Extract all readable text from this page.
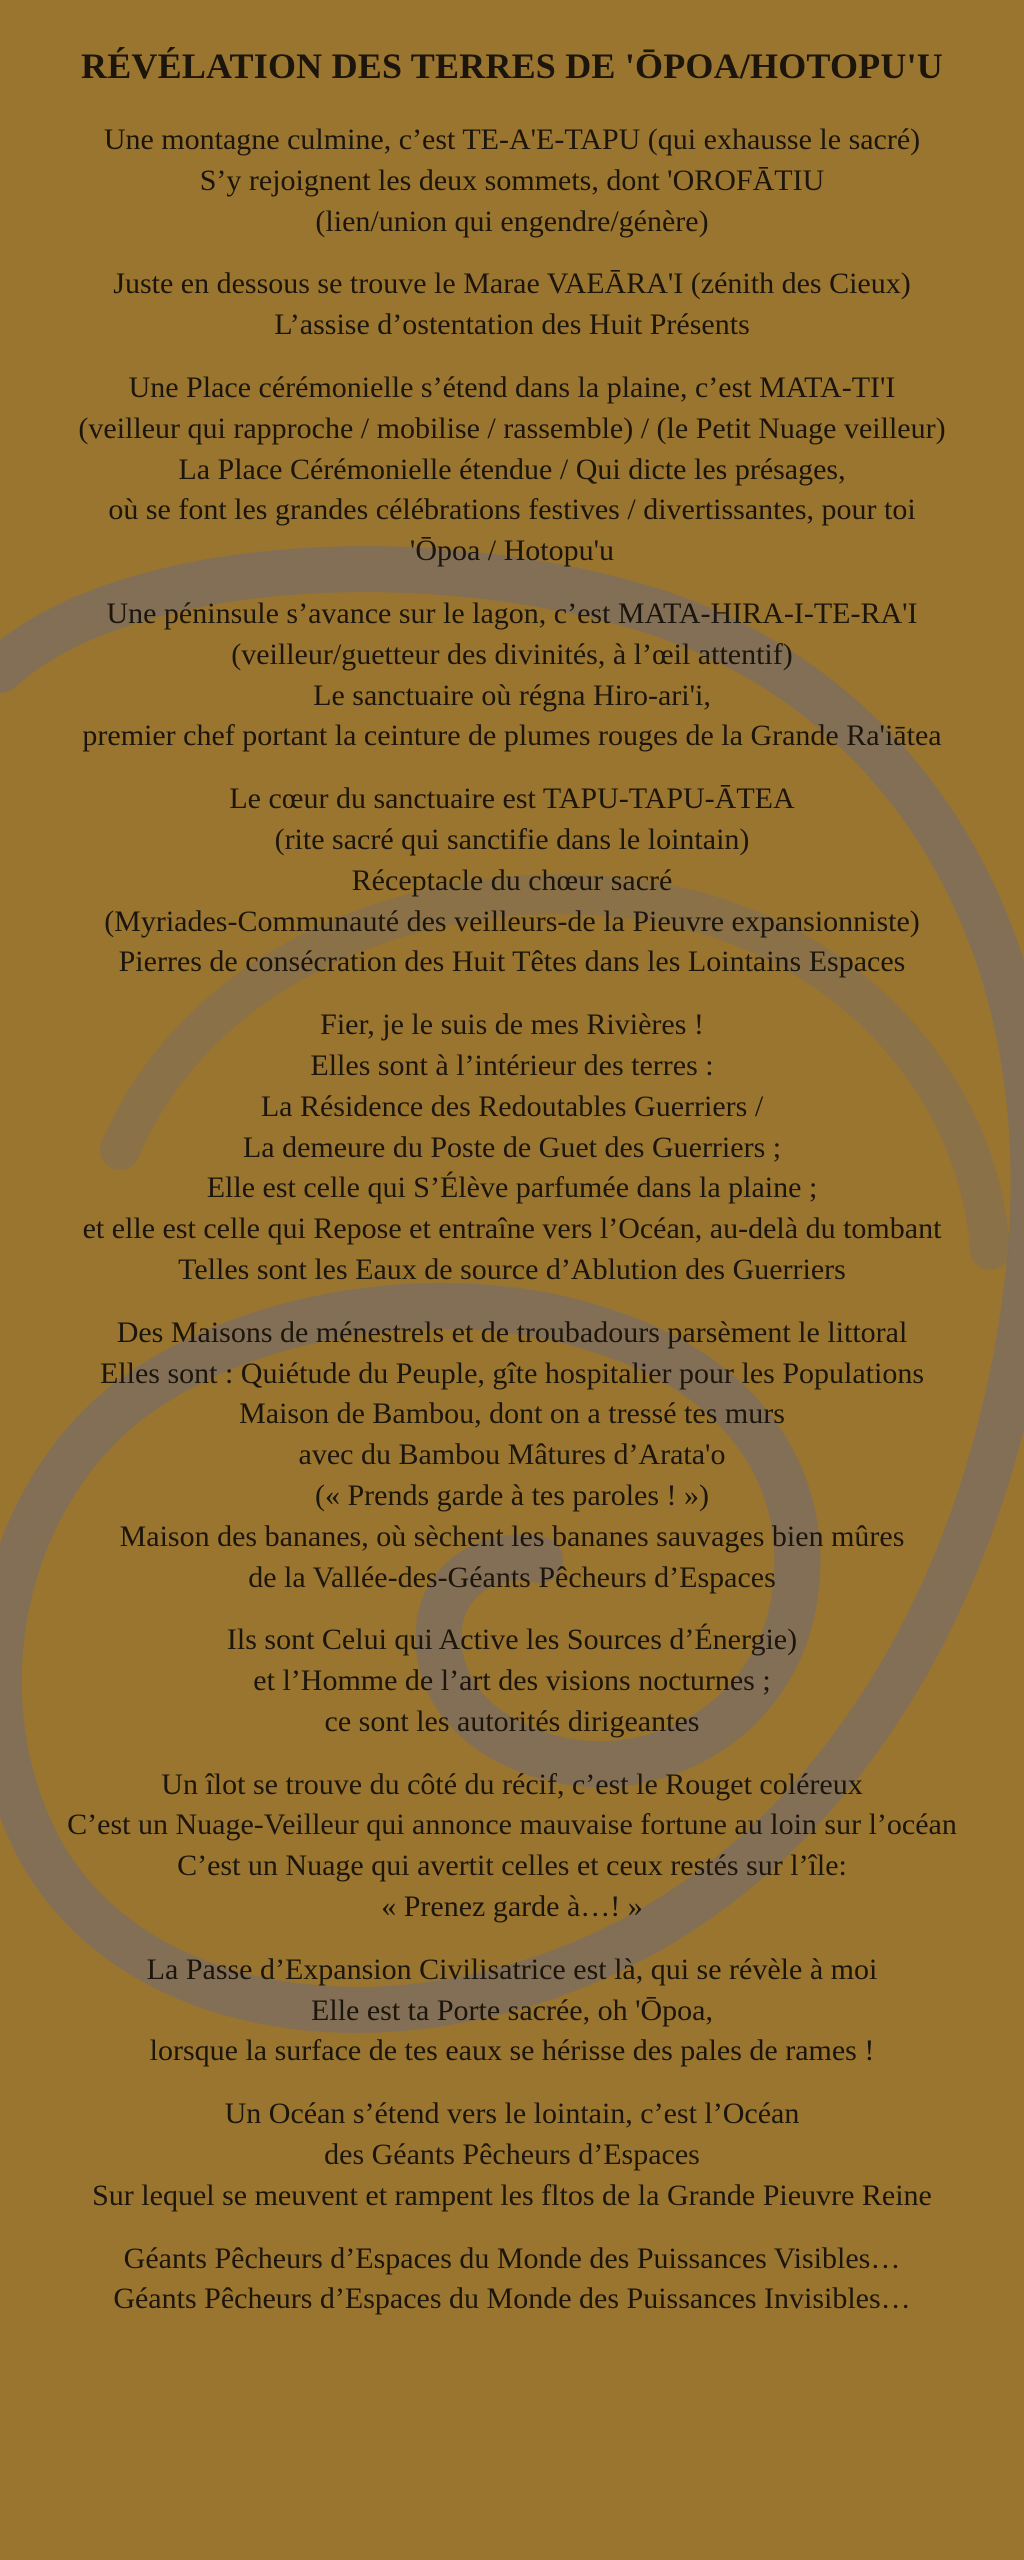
RÉVÉLATION DES TERRES DE 'ŌPOA/HOTOPU'U
Une montagne culmine, c’est TE-A'E-TAPU (qui exhausse le sacré)
S’y rejoignent les deux sommets, dont 'OROFĀTIU
(lien/union qui engendre/génère)
Juste en dessous se trouve le Marae VAEĀRA'I (zénith des Cieux)
L’assise d’ostentation des Huit Présents
Une Place cérémonielle s’étend dans la plaine, c’est MATA-TI'I
(veilleur qui rapproche / mobilise / rassemble) / (le Petit Nuage veilleur)
La Place Cérémonielle étendue / Qui dicte les présages,
où se font les grandes célébrations festives / divertissantes, pour toi
'Ōpoa / Hotopu'u
Une péninsule s’avance sur le lagon, c’est MATA-HIRA-I-TE-RA'I
(veilleur/guetteur des divinités, à l’œil attentif)
Le sanctuaire où régna Hiro-ari'i,
premier chef portant la ceinture de plumes rouges de la Grande Ra'iātea
Le cœur du sanctuaire est TAPU-TAPU-ĀTEA
(rite sacré qui sanctifie dans le lointain)
Réceptacle du chœur sacré
(Myriades-Communauté des veilleurs-de la Pieuvre expansionniste)
Pierres de consécration des Huit Têtes dans les Lointains Espaces
Fier, je le suis de mes Rivières !
Elles sont à l’intérieur des terres :
La Résidence des Redoutables Guerriers /
La demeure du Poste de Guet des Guerriers ;
Elle est celle qui S’Élève parfumée dans la plaine ;
et elle est celle qui Repose et entraîne vers l’Océan, au-delà du tombant
Telles sont les Eaux de source d’Ablution des Guerriers
Des Maisons de ménestrels et de troubadours parsèment le littoral
Elles sont : Quiétude du Peuple, gîte hospitalier pour les Populations
Maison de Bambou, dont on a tressé tes murs
avec du Bambou Mâtures d’Arata'o
(« Prends garde à tes paroles ! »)
Maison des bananes, où sèchent les bananes sauvages bien mûres
de la Vallée-des-Géants Pêcheurs d’Espaces
Ils sont Celui qui Active les Sources d’Énergie)
et l’Homme de l’art des visions nocturnes ;
ce sont les autorités dirigeantes
Un îlot se trouve du côté du récif, c’est le Rouget coléreux
C’est un Nuage-Veilleur qui annonce mauvaise fortune au loin sur l’océan
C’est un Nuage qui avertit celles et ceux restés sur l’île:
« Prenez garde à…! »
La Passe d’Expansion Civilisatrice est là, qui se révèle à moi
Elle est ta Porte sacrée, oh 'Ōpoa,
lorsque la surface de tes eaux se hérisse des pales de rames !
Un Océan s’étend vers le lointain, c’est l’Océan
des Géants Pêcheurs d’Espaces
Sur lequel se meuvent et rampent les fltos de la Grande Pieuvre Reine
Géants Pêcheurs d’Espaces du Monde des Puissances Visibles…
Géants Pêcheurs d’Espaces du Monde des Puissances Invisibles…
